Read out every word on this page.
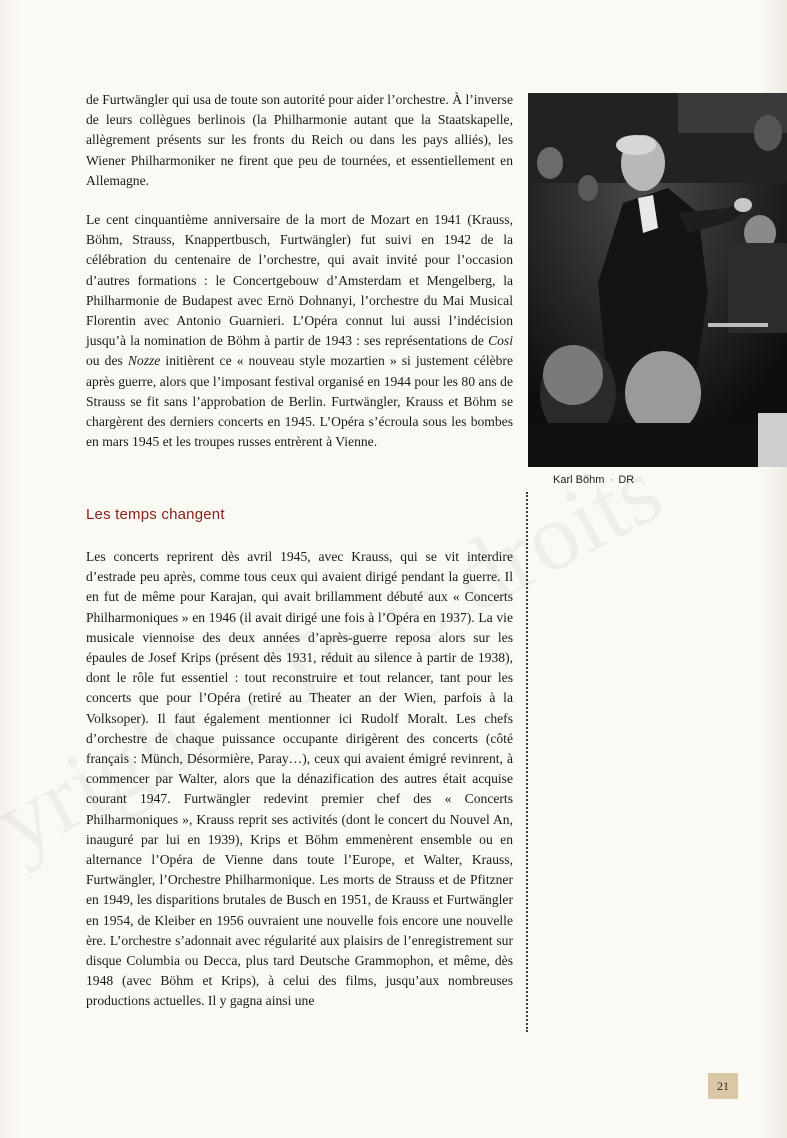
de Furtwängler qui usa de toute son autorité pour aider l’orchestre. À l’inverse de leurs collègues berlinois (la Philharmonie autant que la Staatskapelle, allègrement présents sur les fronts du Reich ou dans les pays alliés), les Wiener Philharmoniker ne firent que peu de tournées, et essentiellement en Allemagne.

Le cent cinquantième anniversaire de la mort de Mozart en 1941 (Krauss, Böhm, Strauss, Knappertbusch, Furtwängler) fut suivi en 1942 de la célébration du centenaire de l’orchestre, qui avait invité pour l’occasion d’autres formations : le Concertgebouw d’Amsterdam et Mengelberg, la Philharmonie de Budapest avec Ernö Dohnanyi, l’orchestre du Mai Musical Florentin avec Antonio Guarnieri. L’Opéra connut lui aussi l’indécision jusqu’à la nomination de Böhm à partir de 1943 : ses représentations de Cosi ou des Nozze initièrent ce « nouveau style mozartien » si justement célèbre après guerre, alors que l’imposant festival organisé en 1944 pour les 80 ans de Strauss se fit sans l’approbation de Berlin. Furtwängler, Krauss et Böhm se chargèrent des derniers concerts en 1945. L’Opéra s’écroula sous les bombes en mars 1945 et les troupes russes entrèrent à Vienne.

Les temps changent

Les concerts reprirent dès avril 1945, avec Krauss, qui se vit interdire d’estrade peu après, comme tous ceux qui avaient dirigé pendant la guerre. Il en fut de même pour Karajan, qui avait brillamment débuté aux « Concerts Philharmoniques » en 1946 (il avait dirigé une fois à l’Opéra en 1937). La vie musicale viennoise des deux années d’après-guerre reposa alors sur les épaules de Josef Krips (présent dès 1931, réduit au silence à partir de 1938), dont le rôle fut essentiel : tout reconstruire et tout relancer, tant pour les concerts que pour l’Opéra (retiré au Theater an der Wien, parfois à la Volksoper). Il faut également mentionner ici Rudolf Moralt. Les chefs d’orchestre de chaque puissance occupante dirigèrent des concerts (côté français : Münch, Désormière, Paray…), ceux qui avaient émigré revinrent, à commencer par Walter, alors que la dénazification des autres était acquise courant 1947. Furtwängler redevint premier chef des « Concerts Philharmoniques », Krauss reprit ses activités (dont le concert du Nouvel An, inauguré par lui en 1939), Krips et Böhm emmenèrent ensemble ou en alternance l’Opéra de Vienne dans toute l’Europe, et Walter, Krauss, Furtwängler, l’Orchestre Philharmonique. Les morts de Strauss et de Pfitzner en 1949, les disparitions brutales de Busch en 1951, de Krauss et Furtwängler en 1954, de Kleiber en 1956 ouvraient une nouvelle fois encore une nouvelle ère. L’orchestre s’adonnait avec régularité aux plaisirs de l’enregistrement sur disque Columbia ou Decca, plus tard Deutsche Grammophon, et même, dès 1948 (avec Böhm et Krips), à celui des films, jusqu’aux nombreuses productions actuelles. Il y gagna ainsi une

Karl Böhm · DR
21
